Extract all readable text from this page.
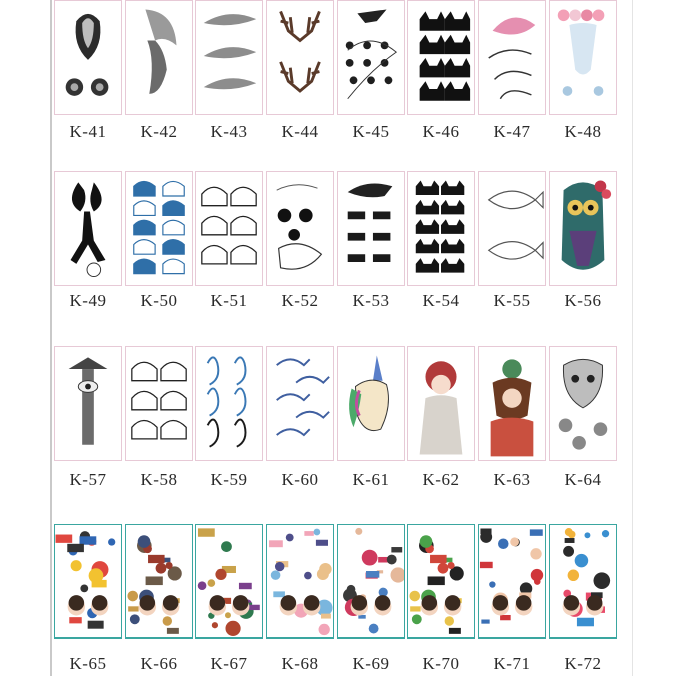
K-41	K-42	K-43	K-44	K-45	K-46	K-47	K-48
K-49	K-50	K-51	K-52	K-53	K-54	K-55	K-56
K-57	K-58	K-59	K-60	K-61	K-62	K-63	K-64
K-65	K-66	K-67	K-68	K-69	K-70	K-71	K-72
